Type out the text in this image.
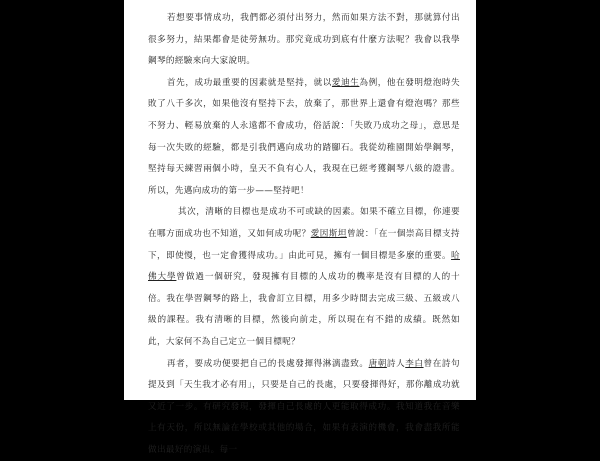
若想要事情成功，我們都必須付出努力，然而如果方法不對，那就算付出很多努力，結果都會是徒勞無功。那究竟成功到底有什麼方法呢？我會以我學鋼琴的經驗來向大家說明。

首先，成功最重要的因素就是堅持，就以愛迪生為例，他在發明燈泡時失敗了八千多次，如果他沒有堅持下去，放棄了，那世界上還會有燈泡嗎？那些不努力、輕易放棄的人永遠都不會成功，俗話說：「失敗乃成功之母」，意思是每一次失敗的經驗，都是引我們邁向成功的踏腳石。我從幼稚園開始學鋼琴，堅持每天練習兩個小時，皇天不負有心人，我現在已經考獲鋼琴八級的證書。所以，先邁向成功的第一步——堅持吧！

其次，清晰的目標也是成功不可或缺的因素。如果不確立目標，你連要在哪方面成功也不知道，又如何成功呢？愛因斯坦曾說：「在一個崇高目標支持下，即使慢，也一定會獲得成功。」由此可見，擁有一個目標是多麼的重要。哈佛大學曾做過一個研究，發現擁有目標的人成功的機率是沒有目標的人的十倍。我在學習鋼琴的路上，我會訂立目標，用多少時間去完成三級、五級或八級的課程。我有清晰的目標，然後向前走，所以現在有不錯的成績。既然如此，大家何不為自己定立一個目標呢？

再者，要成功便要把自己的長處發揮得淋漓盡致。唐朝詩人李白曾在詩句提及到「天生我才必有用」，只要是自己的長處，只要發揮得好，那你離成功就又近了一步。有研究發現，發揮自己長處的人更能取得成功。我知道我在音樂上有天份，所以無論在學校或其他的場合，如果有表演的機會，我會盡我所能做出最好的演出。每一
